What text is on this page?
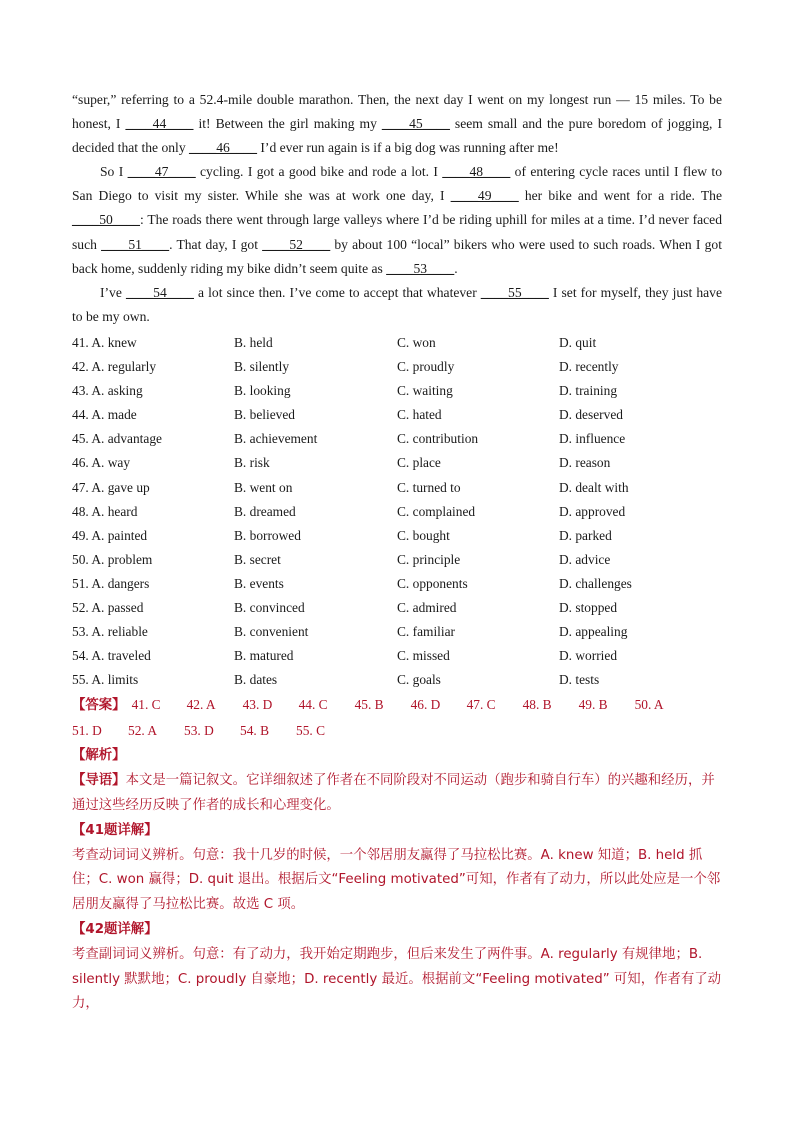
“super,” referring to a 52.4-mile double marathon. Then, the next day I went on my longest run — 15 miles. To be honest, I ____44____ it! Between the girl making my ____45____ seem small and the pure boredom of jogging, I decided that the only ____46____ I’d ever run again is if a big dog was running after me!

So I ____47____ cycling. I got a good bike and rode a lot. I ____48____ of entering cycle races until I flew to San Diego to visit my sister. While she was at work one day, I ____49____ her bike and went for a ride. The ____50____: The roads there went through large valleys where I’d be riding uphill for miles at a time. I’d never faced such ____51____. That day, I got ____52____ by about 100 “local” bikers who were used to such roads. When I got back home, suddenly riding my bike didn’t seem quite as ____53____.

I’ve ____54____ a lot since then. I’ve come to accept that whatever ____55____ I set for myself, they just have to be my own.

41. A. knew	B. held	C. won	D. quit
42. A. regularly	B. silently	C. proudly	D. recently
43. A. asking	B. looking	C. waiting	D. training
44. A. made	B. believed	C. hated	D. deserved
45. A. advantage	B. achievement	C. contribution	D. influence
46. A. way	B. risk	C. place	D. reason
47. A. gave up	B. went on	C. turned to	D. dealt with
48. A. heard	B. dreamed	C. complained	D. approved
49. A. painted	B. borrowed	C. bought	D. parked
50. A. problem	B. secret	C. principle	D. advice
51. A. dangers	B. events	C. opponents	D. challenges
52. A. passed	B. convinced	C. admired	D. stopped
53. A. reliable	B. convenient	C. familiar	D. appealing
54. A. traveled	B. matured	C. missed	D. worried
55. A. limits	B. dates	C. goals	D. tests
【答案】 41. C	42. A	43. D	44. C	45. B	46. D	47. C	48. B	49. B	50. A
51. D	52. A	53. D	54. B	55. C

【解析】

【导语】本文是一篇记叙文。它详细叙述了作者在不同阶段对不同运动（跑步和骑自行车）的兴趣和经历，并通过这些经历反映了作者的成长和心理变化。

【41题详解】

考查动词词义辨析。句意：我十几岁的时候，一个邻居朋友赢得了马拉松比赛。A. knew 知道；B. held 抓住；C. won 赢得；D. quit 退出。根据后文“Feeling motivated”可知，作者有了动力，所以此处应是一个邻居朋友赢得了马拉松比赛。故选 C 项。

【42题详解】

考查副词词义辨析。句意：有了动力，我开始定期跑步，但后来发生了两件事。A. regularly 有规律地；B. silently 默默地；C. proudly 自豪地；D. recently 最近。根据前文“Feeling motivated” 可知，作者有了动力，
